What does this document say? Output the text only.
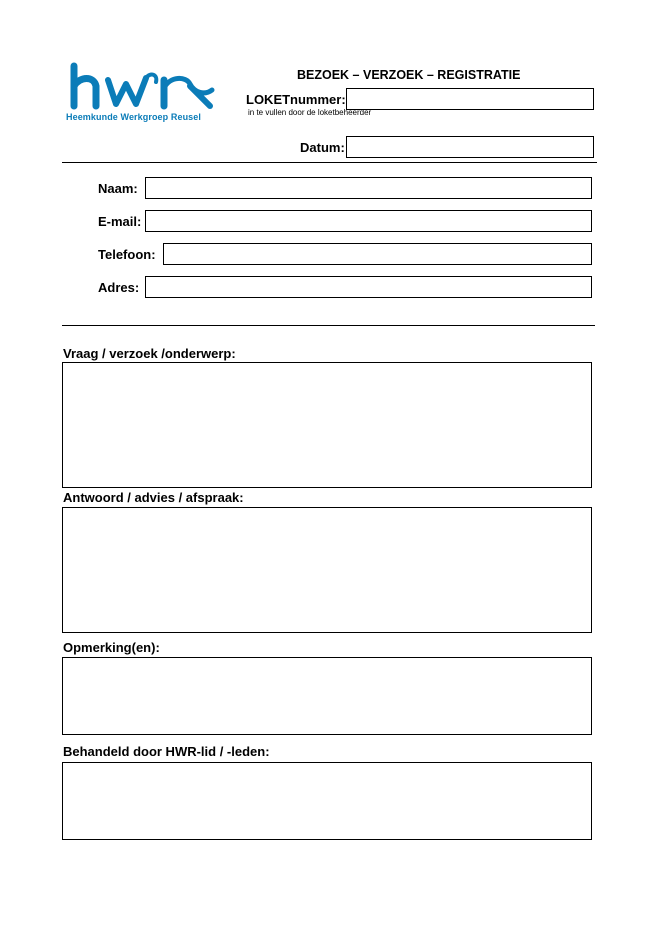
Heemkunde Werkgroep Reusel
BEZOEK – VERZOEK – REGISTRATIE
LOKETnummer:
in te vullen door de loketbeheerder
Datum:
Naam:
E-mail:
Telefoon:
Adres:
Vraag / verzoek /onderwerp:
Antwoord / advies / afspraak:
Opmerking(en):
Behandeld door HWR-lid / -leden:
